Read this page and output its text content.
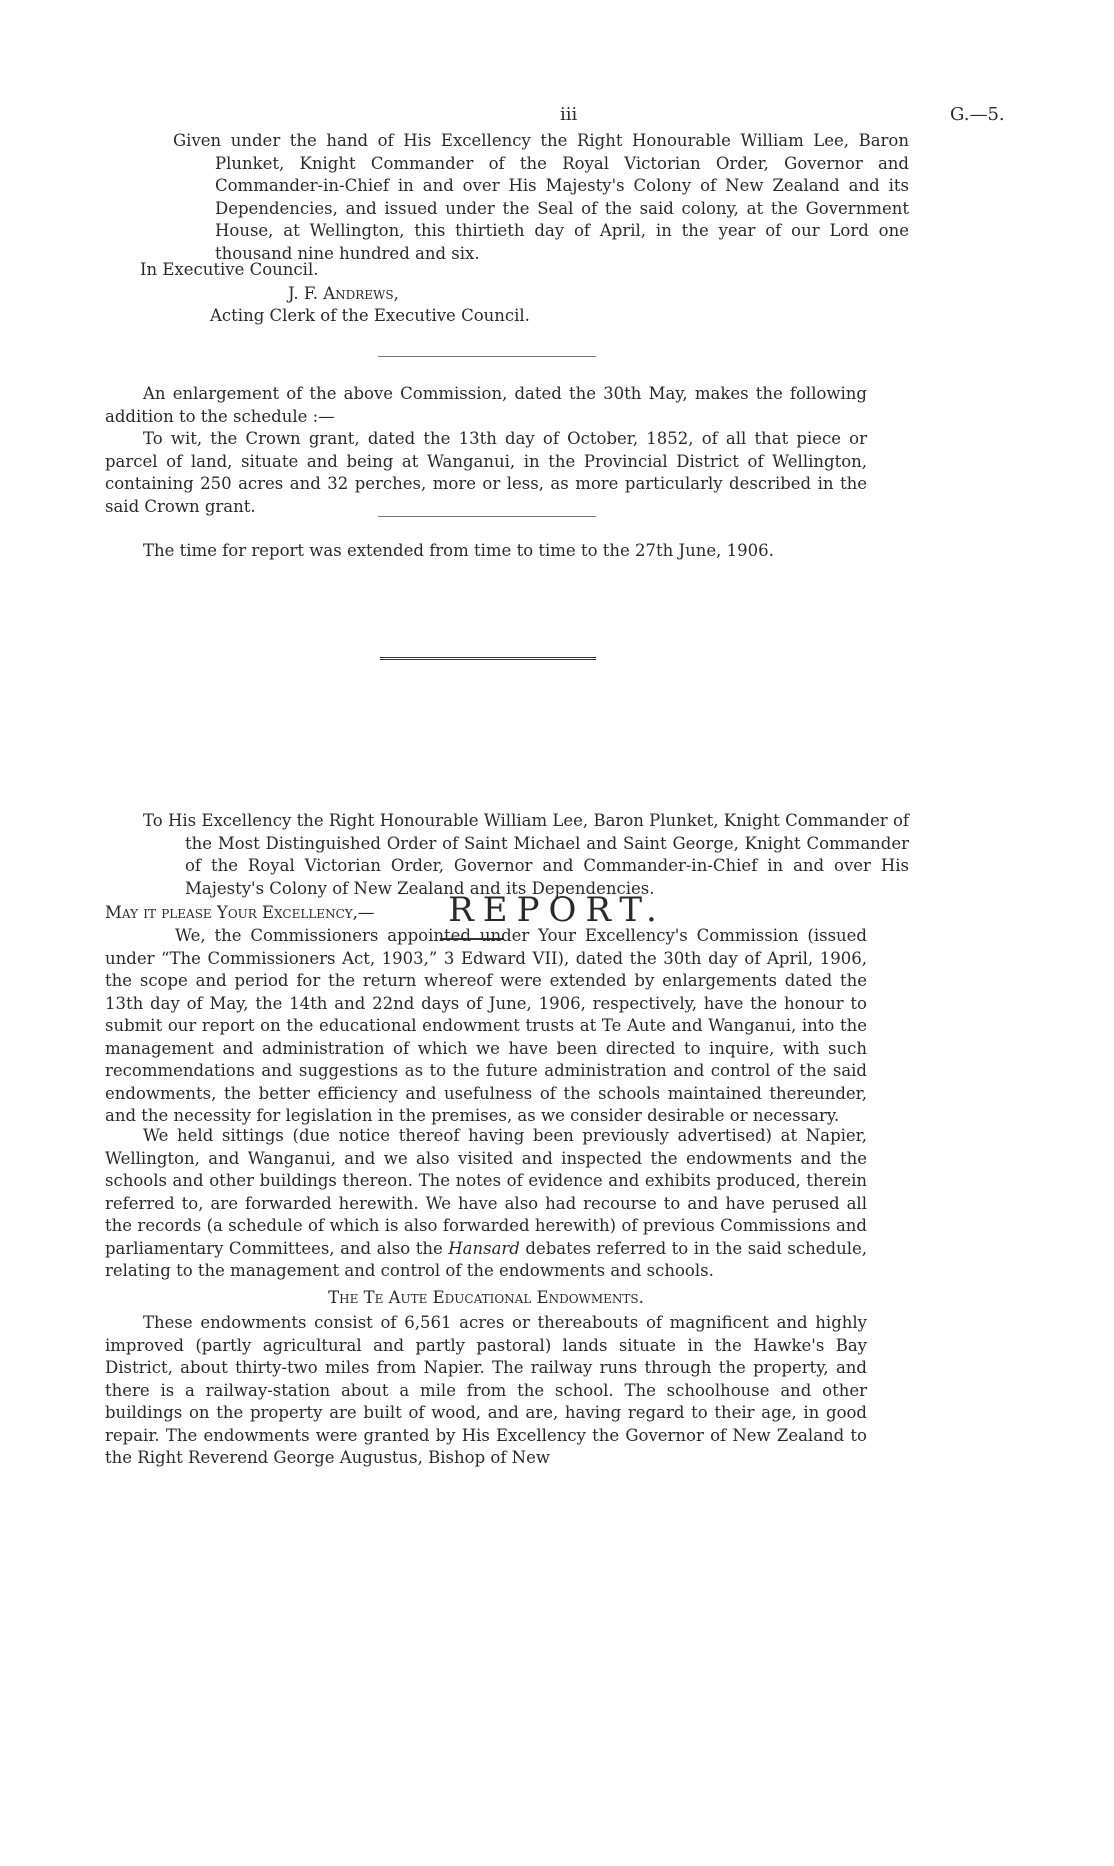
iii	G.—5.

Given under the hand of His Excellency the Right Honourable William Lee, Baron Plunket, Knight Commander of the Royal Victorian Order, Governor and Commander-in-Chief in and over His Majesty's Colony of New Zealand and its Dependencies, and issued under the Seal of the said colony, at the Government House, at Wellington, this thirtieth day of April, in the year of our Lord one thousand nine hundred and six.

In Executive Council.
J. F. Andrews,
Acting Clerk of the Executive Council.

An enlargement of the above Commission, dated the 30th May, makes the following addition to the schedule :—

To wit, the Crown grant, dated the 13th day of October, 1852, of all that piece or parcel of land, situate and being at Wanganui, in the Provincial District of Wellington, containing 250 acres and 32 perches, more or less, as more particularly described in the said Crown grant.

The time for report was extended from time to time to the 27th June, 1906.

REPORT.

To His Excellency the Right Honourable William Lee, Baron Plunket, Knight Commander of the Most Distinguished Order of Saint Michael and Saint George, Knight Commander of the Royal Victorian Order, Governor and Commander-in-Chief in and over His Majesty's Colony of New Zealand and its Dependencies.

May it please Your Excellency,—

We, the Commissioners appointed under Your Excellency's Commission (issued under “The Commissioners Act, 1903,” 3 Edward VII), dated the 30th day of April, 1906, the scope and period for the return whereof were extended by enlargements dated the 13th day of May, the 14th and 22nd days of June, 1906, respectively, have the honour to submit our report on the educational endowment trusts at Te Aute and Wanganui, into the management and administration of which we have been directed to inquire, with such recommendations and suggestions as to the future administration and control of the said endowments, the better efficiency and usefulness of the schools maintained thereunder, and the necessity for legislation in the premises, as we consider desirable or necessary.

We held sittings (due notice thereof having been previously advertised) at Napier, Wellington, and Wanganui, and we also visited and inspected the endowments and the schools and other buildings thereon. The notes of evidence and exhibits produced, therein referred to, are forwarded herewith. We have also had recourse to and have perused all the records (a schedule of which is also forwarded herewith) of previous Commissions and parliamentary Committees, and also the Hansard debates referred to in the said schedule, relating to the management and control of the endowments and schools.

The Te Aute Educational Endowments.

These endowments consist of 6,561 acres or thereabouts of magnificent and highly improved (partly agricultural and partly pastoral) lands situate in the Hawke's Bay District, about thirty-two miles from Napier. The railway runs through the property, and there is a railway-station about a mile from the school. The schoolhouse and other buildings on the property are built of wood, and are, having regard to their age, in good repair. The endowments were granted by His Excellency the Governor of New Zealand to the Right Reverend George Augustus, Bishop of New
